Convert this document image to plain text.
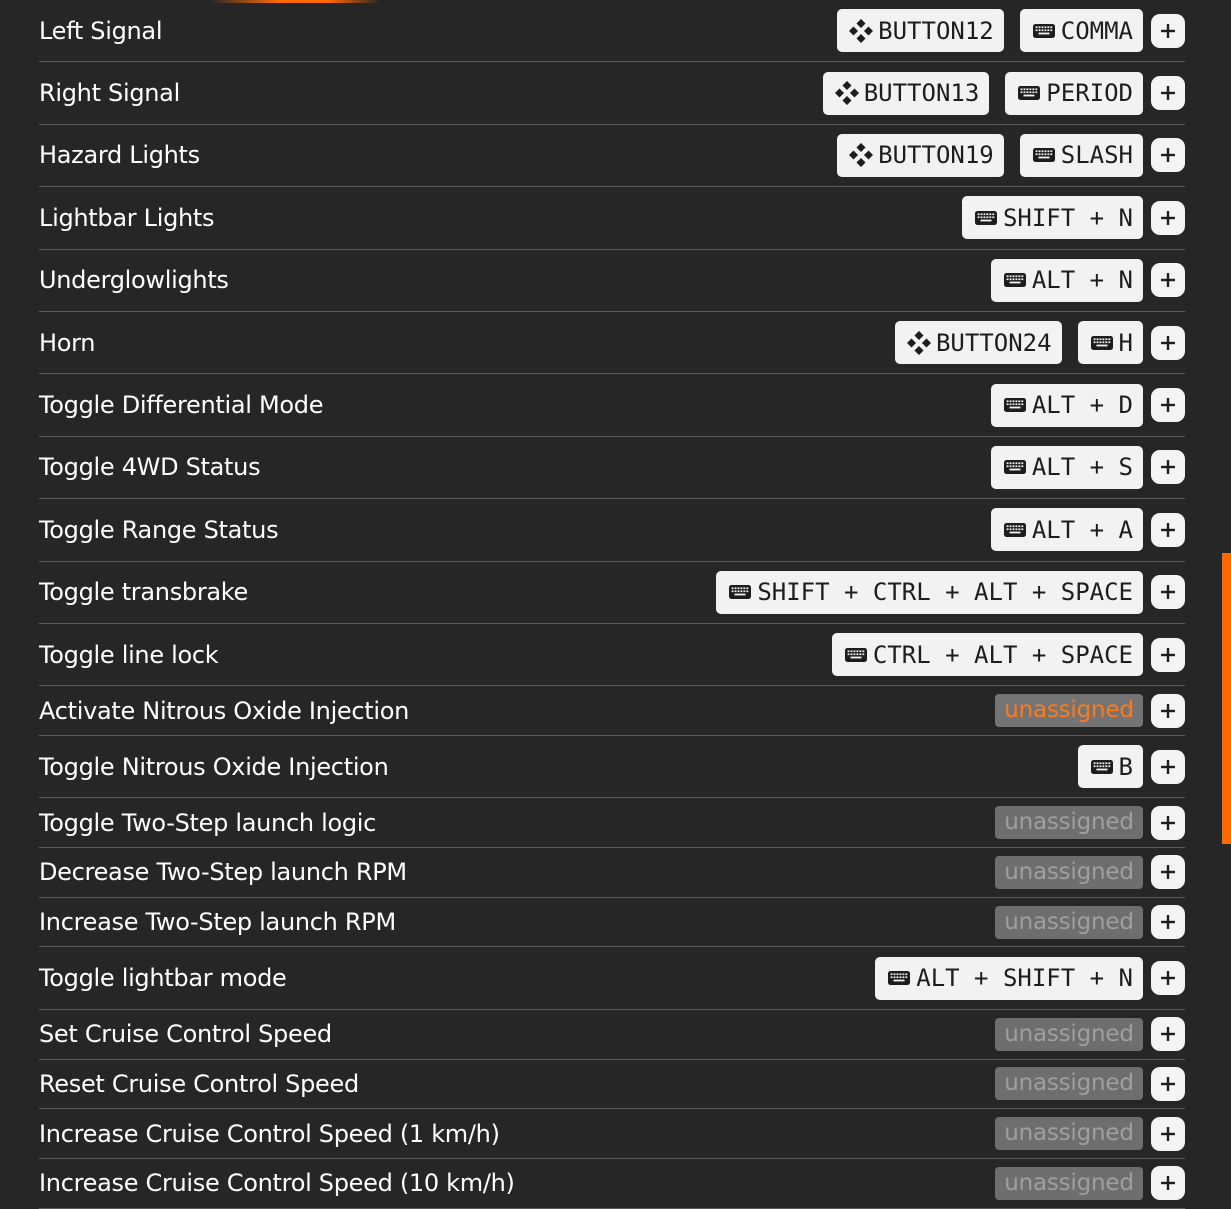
Left Signal	BUTTON12	COMMA
Right Signal	BUTTON13	PERIOD
Hazard Lights	BUTTON19	SLASH
Lightbar Lights	SHIFT + N
Underglowlights	ALT + N
Horn	BUTTON24	H
Toggle Differential Mode	ALT + D
Toggle 4WD Status	ALT + S
Toggle Range Status	ALT + A
Toggle transbrake	SHIFT + CTRL + ALT + SPACE
Toggle line lock	CTRL + ALT + SPACE
Activate Nitrous Oxide Injection	unassigned
Toggle Nitrous Oxide Injection	B
Toggle Two-Step launch logic	unassigned
Decrease Two-Step launch RPM	unassigned
Increase Two-Step launch RPM	unassigned
Toggle lightbar mode	ALT + SHIFT + N
Set Cruise Control Speed	unassigned
Reset Cruise Control Speed	unassigned
Increase Cruise Control Speed (1 km/h)	unassigned
Increase Cruise Control Speed (10 km/h)	unassigned
